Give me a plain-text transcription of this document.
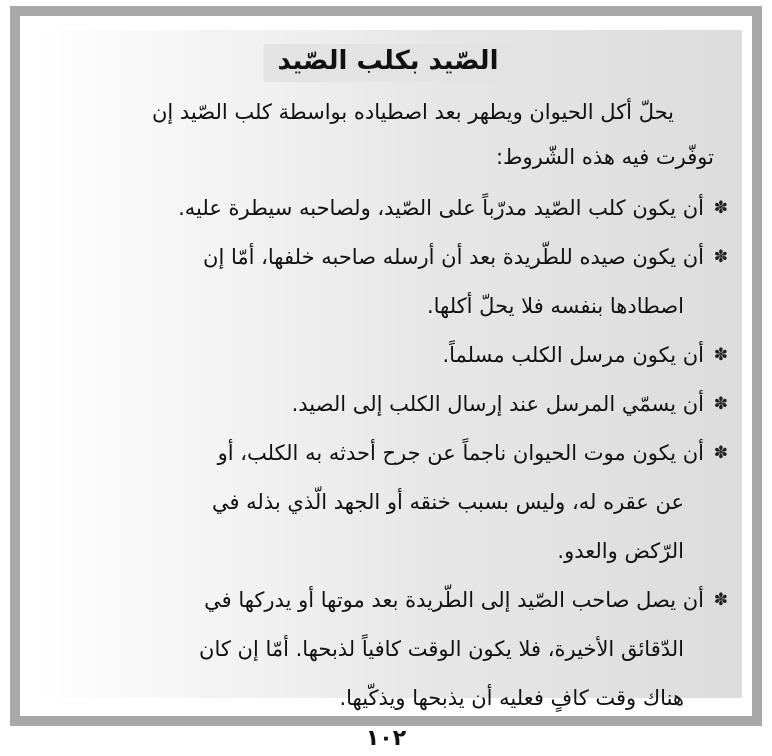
الصّيد بكلب الصّيد

يحلّ أكل الحيوان ويطهر بعد اصطياده بواسطة كلب الصّيد إن
توفّرت فيه هذه الشّروط:

✽
أن يكون كلب الصّيد مدرّباً على الصّيد، ولصاحبه سيطرة عليه.
✽
أن يكون صيده للطّريدة بعد أن أرسله صاحبه خلفها، أمّا إن
اصطادها بنفسه فلا يحلّ أكلها.
✽
أن يكون مرسل الكلب مسلماً.
✽
أن يسمّي المرسل عند إرسال الكلب إلى الصيد.
✽
أن يكون موت الحيوان ناجماً عن جرح أحدثه به الكلب، أو
عن عقره له، وليس بسبب خنقه أو الجهد الّذي بذله في
الرّكض والعدو.
✽
أن يصل صاحب الصّيد إلى الطّريدة بعد موتها أو يدركها في
الدّقائق الأخيرة، فلا يكون الوقت كافياً لذبحها. أمّا إن كان
هناك وقت كافٍ فعليه أن يذبحها ويذكّيها.
١٠٢
